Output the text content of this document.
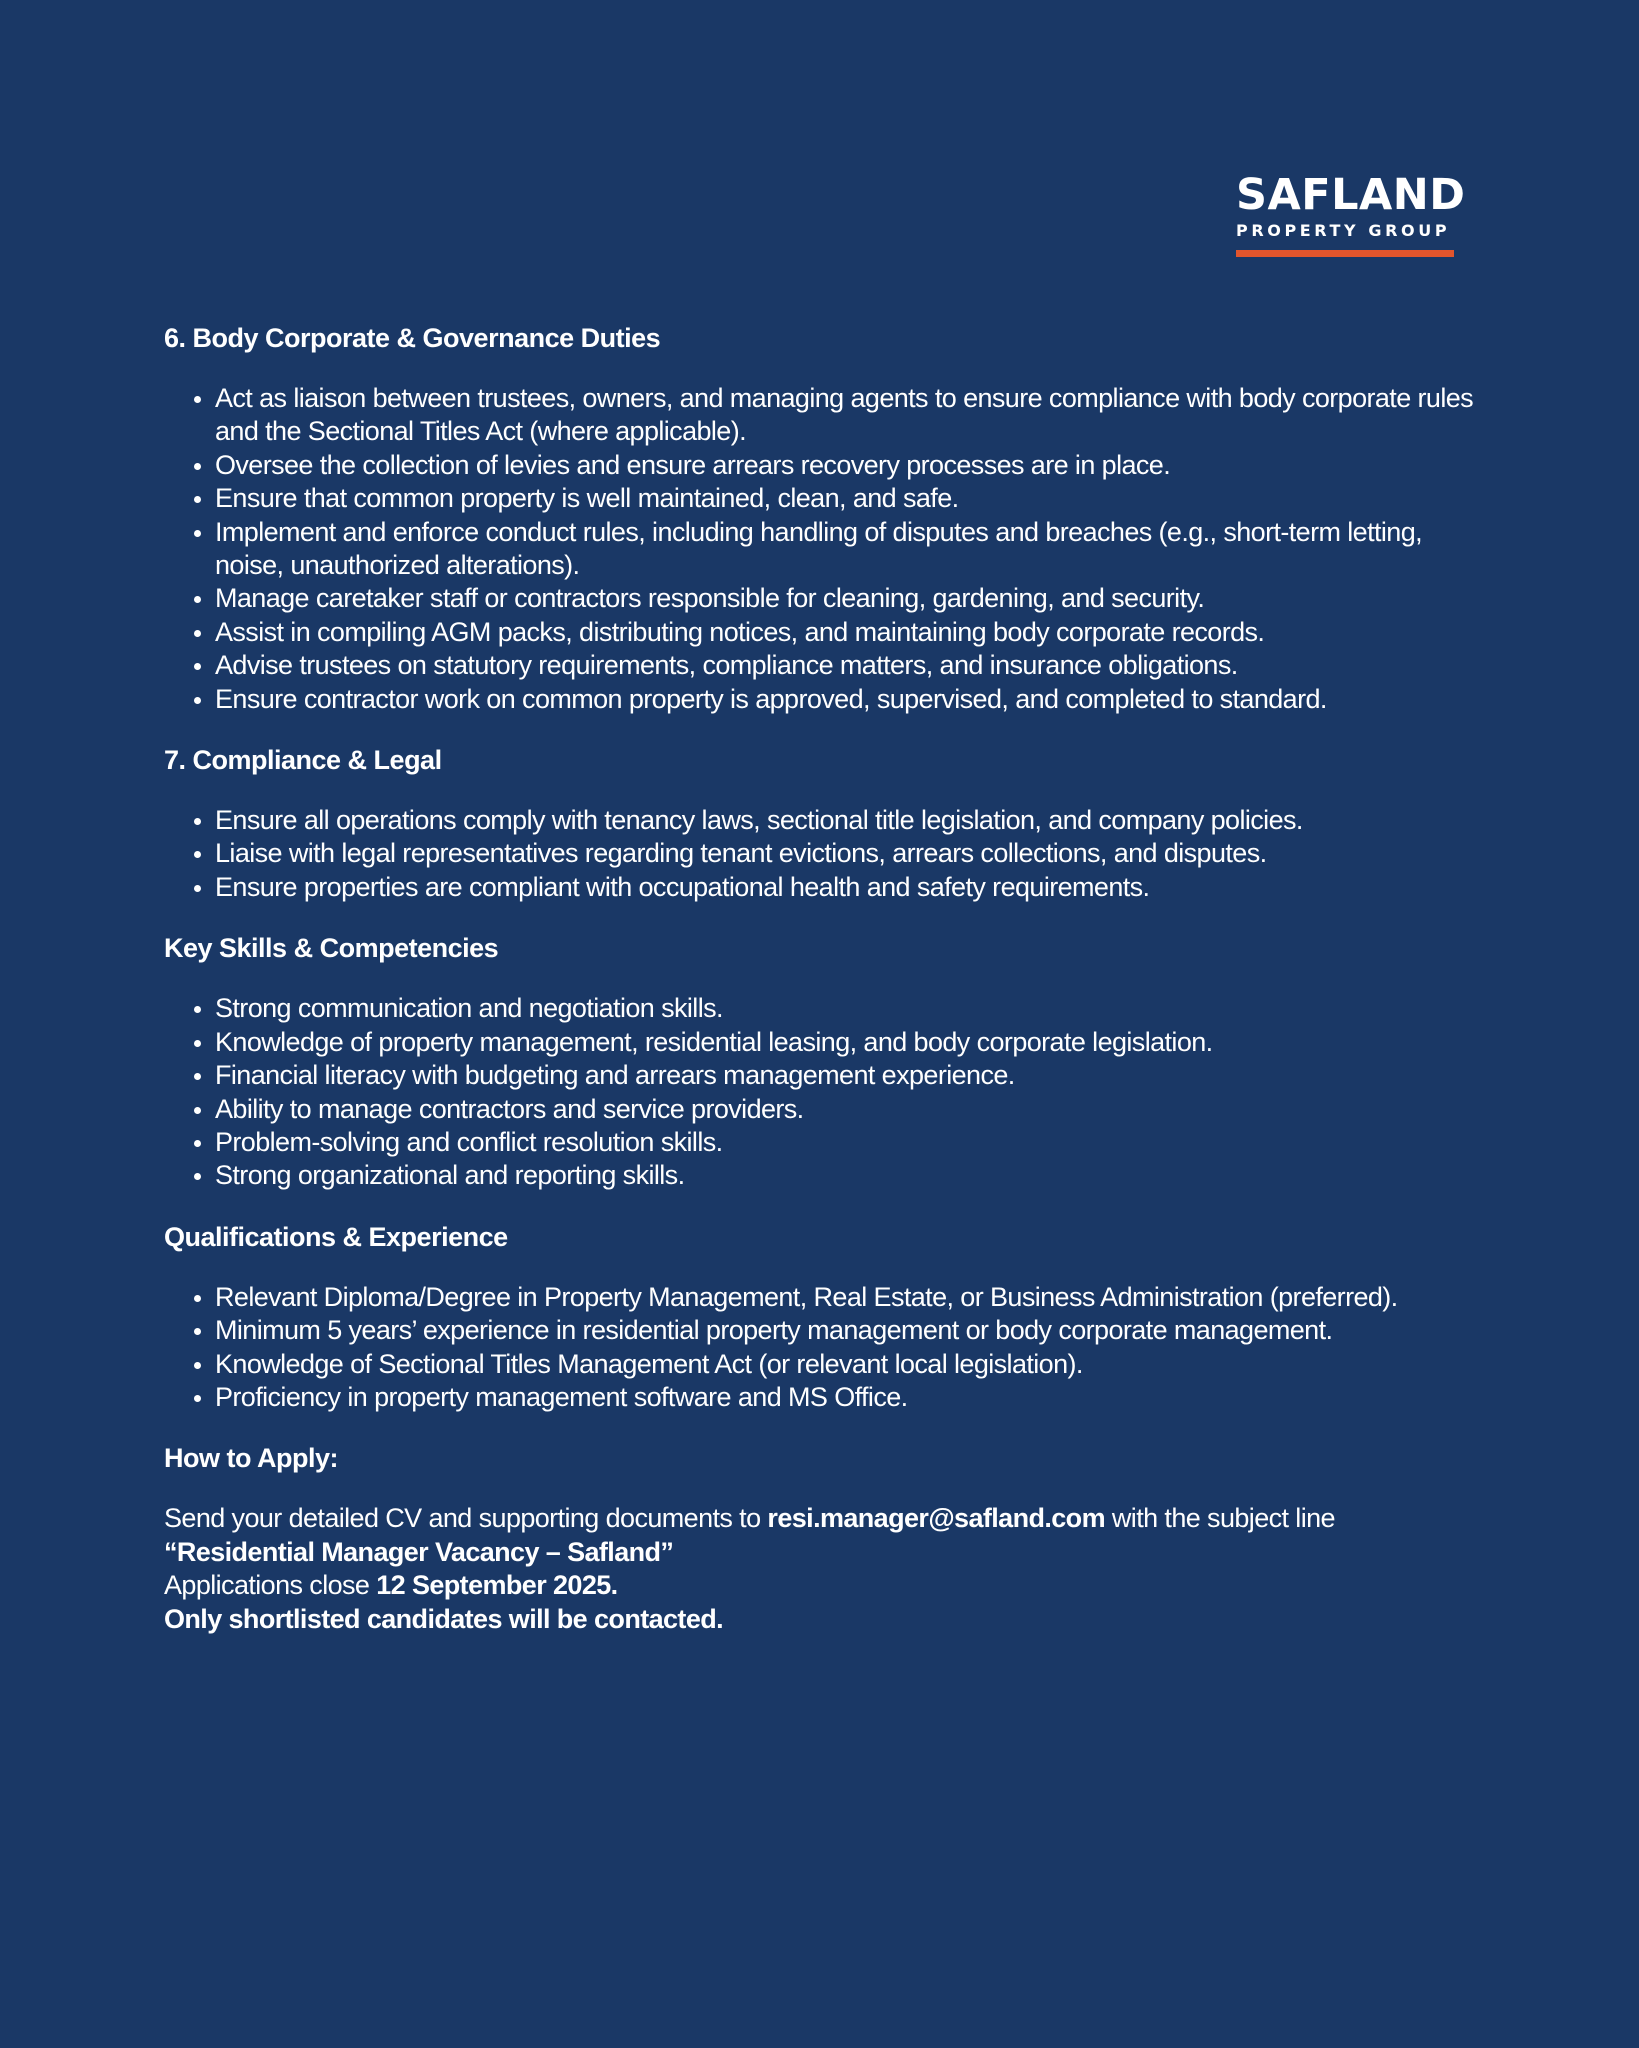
SAFLAND
PROPERTY GROUP
6. Body Corporate & Governance Duties
• Act as liaison between trustees, owners, and managing agents to ensure compliance with body corporate rules and the Sectional Titles Act (where applicable).
• Oversee the collection of levies and ensure arrears recovery processes are in place.
• Ensure that common property is well maintained, clean, and safe.
• Implement and enforce conduct rules, including handling of disputes and breaches (e.g., short-term letting, noise, unauthorized alterations).
• Manage caretaker staff or contractors responsible for cleaning, gardening, and security.
• Assist in compiling AGM packs, distributing notices, and maintaining body corporate records.
• Advise trustees on statutory requirements, compliance matters, and insurance obligations.
• Ensure contractor work on common property is approved, supervised, and completed to standard.
7. Compliance & Legal
• Ensure all operations comply with tenancy laws, sectional title legislation, and company policies.
• Liaise with legal representatives regarding tenant evictions, arrears collections, and disputes.
• Ensure properties are compliant with occupational health and safety requirements.
Key Skills & Competencies
• Strong communication and negotiation skills.
• Knowledge of property management, residential leasing, and body corporate legislation.
• Financial literacy with budgeting and arrears management experience.
• Ability to manage contractors and service providers.
• Problem-solving and conflict resolution skills.
• Strong organizational and reporting skills.
Qualifications & Experience
• Relevant Diploma/Degree in Property Management, Real Estate, or Business Administration (preferred).
• Minimum 5 years’ experience in residential property management or body corporate management.
• Knowledge of Sectional Titles Management Act (or relevant local legislation).
• Proficiency in property management software and MS Office.
How to Apply:

Send your detailed CV and supporting documents to resi.manager@safland.com with the subject line “Residential Manager Vacancy – Safland”

Applications close 12 September 2025.

Only shortlisted candidates will be contacted.
